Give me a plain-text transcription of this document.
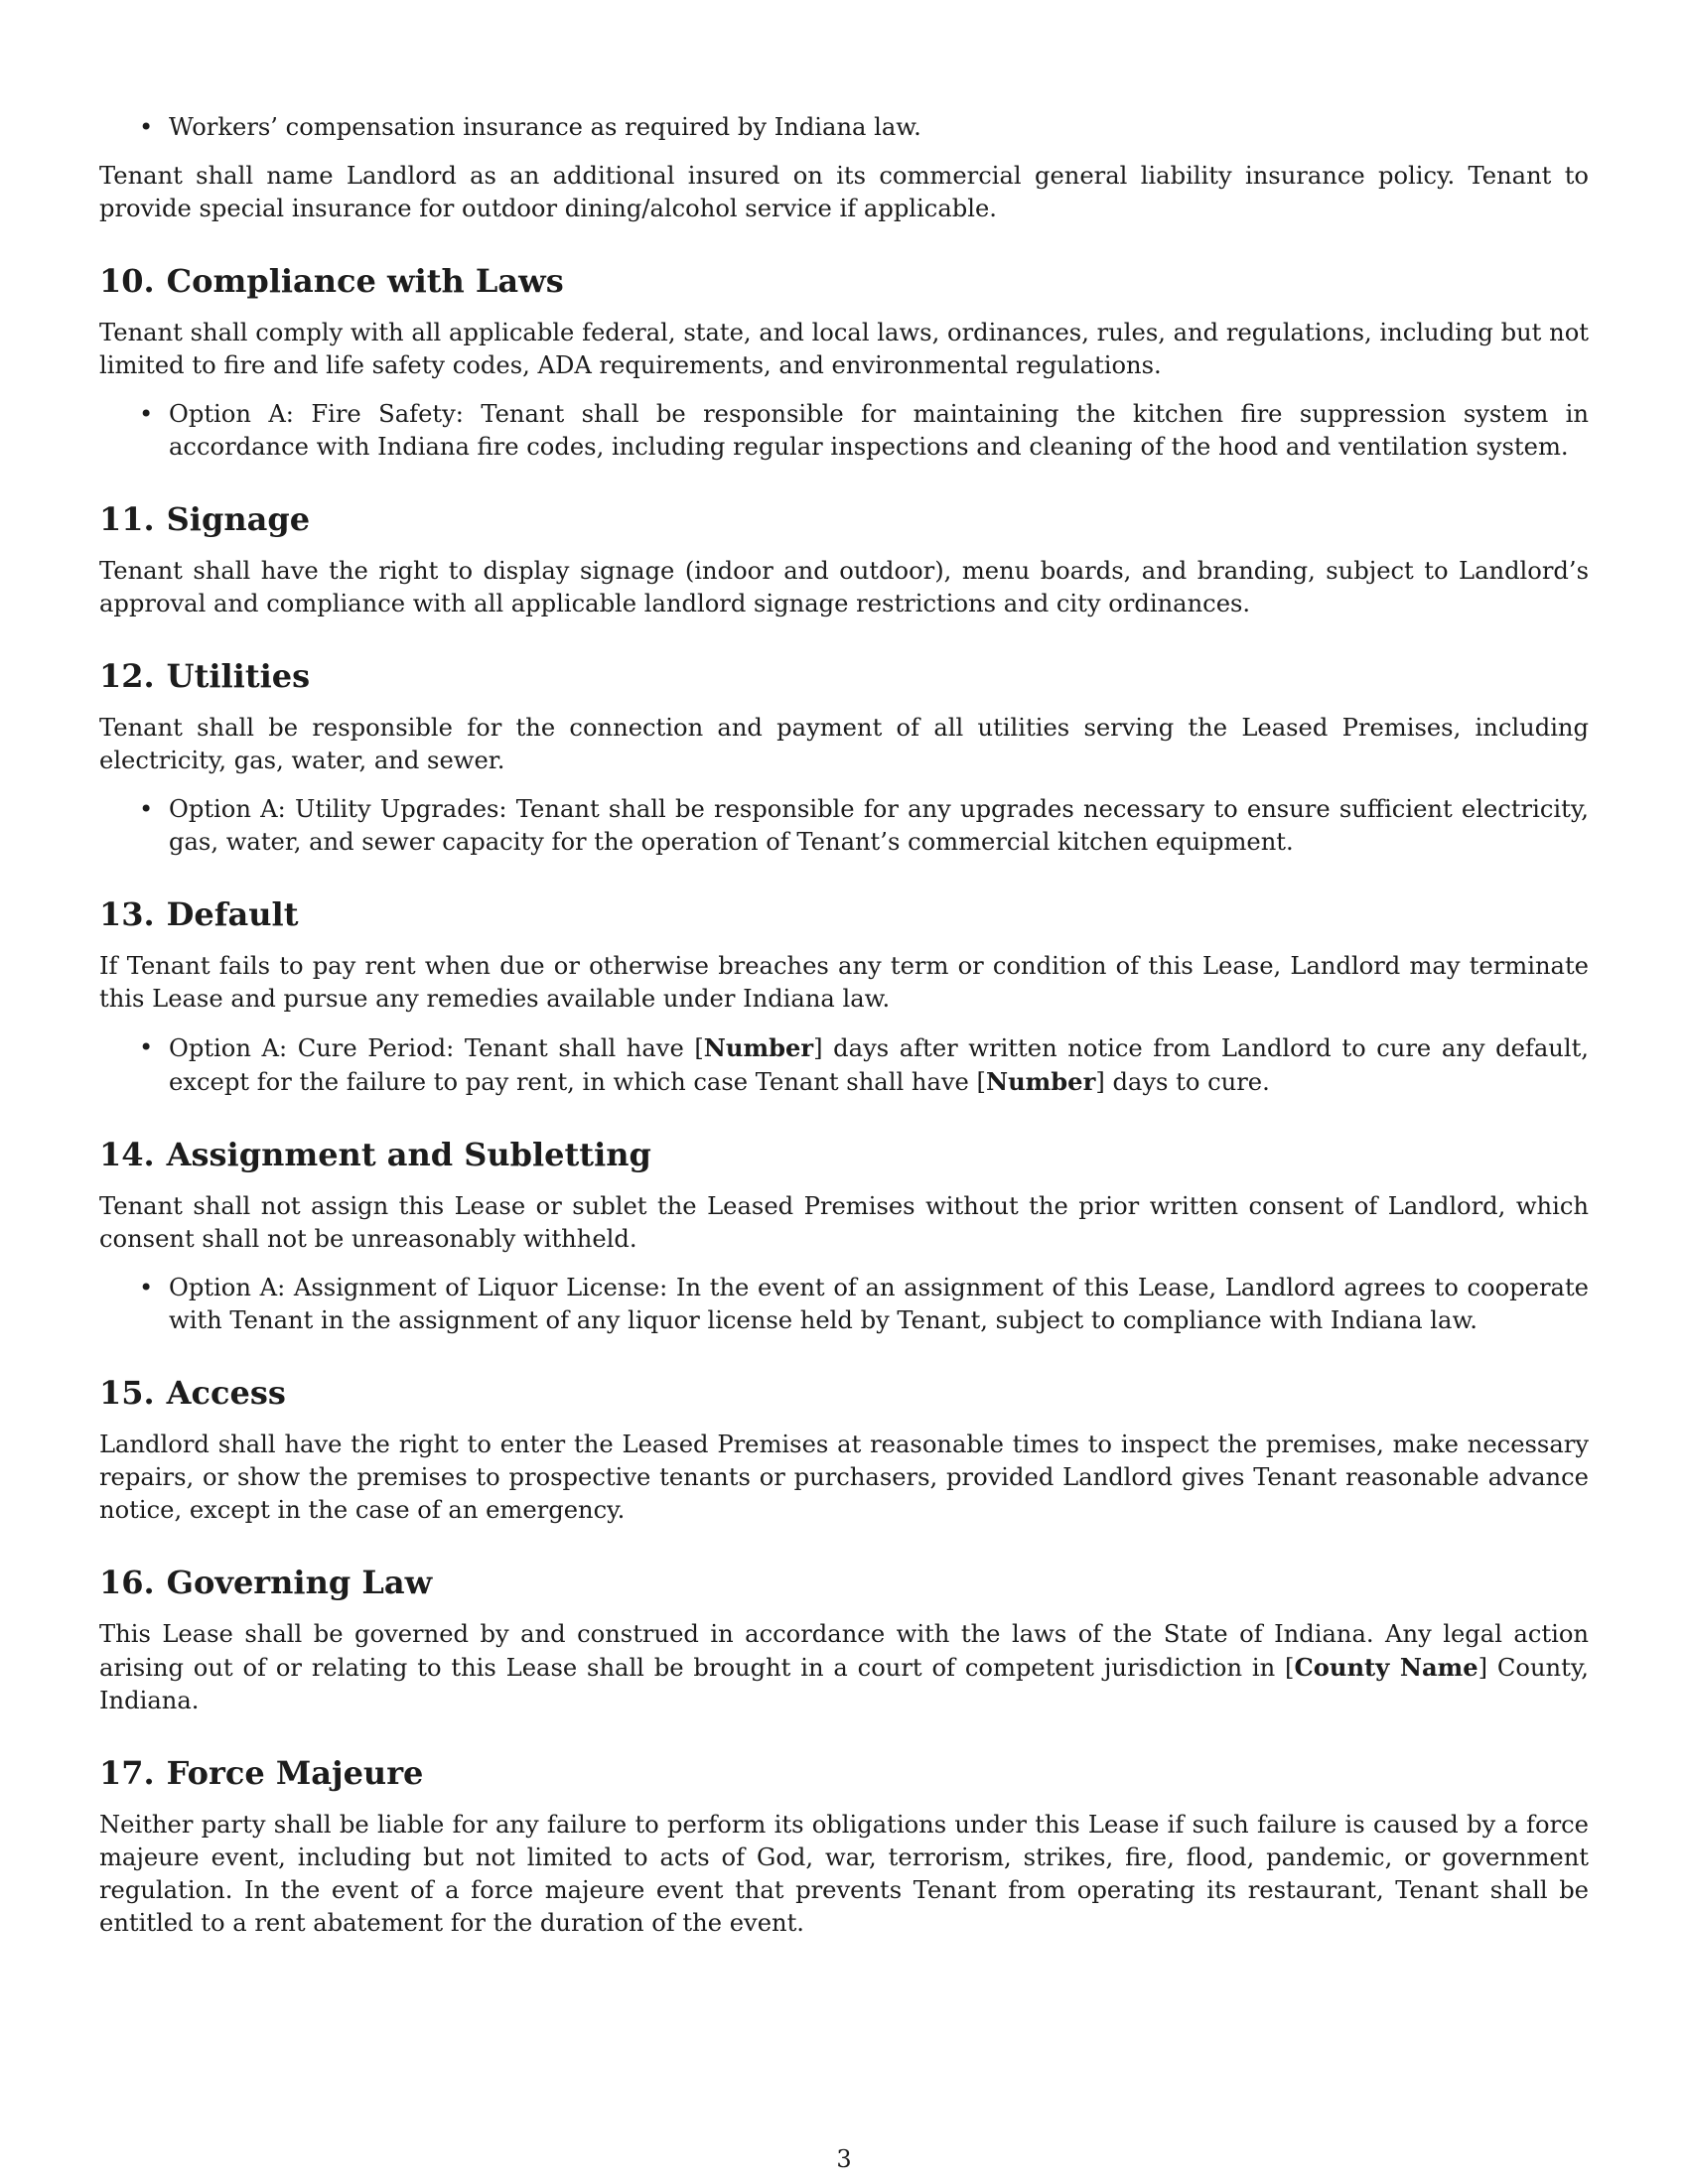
• Workers’ compensation insurance as required by Indiana law.

Tenant shall name Landlord as an additional insured on its commercial general liability insurance policy. Tenant to provide special insurance for outdoor dining/alcohol service if applicable.

10. Compliance with Laws

Tenant shall comply with all applicable federal, state, and local laws, ordinances, rules, and regulations, including but not limited to fire and life safety codes, ADA requirements, and environmental regulations.

• Option A: Fire Safety: Tenant shall be responsible for maintaining the kitchen fire suppression system in accordance with Indiana fire codes, including regular inspections and cleaning of the hood and ventilation system.
11. Signage

Tenant shall have the right to display signage (indoor and outdoor), menu boards, and branding, subject to Landlord’s approval and compliance with all applicable landlord signage restrictions and city ordinances.

12. Utilities

Tenant shall be responsible for the connection and payment of all utilities serving the Leased Premises, including electricity, gas, water, and sewer.

• Option A: Utility Upgrades: Tenant shall be responsible for any upgrades necessary to ensure sufficient electricity, gas, water, and sewer capacity for the operation of Tenant’s commercial kitchen equipment.
13. Default

If Tenant fails to pay rent when due or otherwise breaches any term or condition of this Lease, Landlord may terminate this Lease and pursue any remedies available under Indiana law.

• Option A: Cure Period: Tenant shall have [Number] days after written notice from Landlord to cure any default, except for the failure to pay rent, in which case Tenant shall have [Number] days to cure.
14. Assignment and Subletting

Tenant shall not assign this Lease or sublet the Leased Premises without the prior written consent of Landlord, which consent shall not be unreasonably withheld.

• Option A: Assignment of Liquor License: In the event of an assignment of this Lease, Landlord agrees to cooperate with Tenant in the assignment of any liquor license held by Tenant, subject to compliance with Indiana law.
15. Access

Landlord shall have the right to enter the Leased Premises at reasonable times to inspect the premises, make necessary repairs, or show the premises to prospective tenants or purchasers, provided Landlord gives Tenant reasonable advance notice, except in the case of an emergency.

16. Governing Law

This Lease shall be governed by and construed in accordance with the laws of the State of Indiana. Any legal action arising out of or relating to this Lease shall be brought in a court of competent jurisdiction in [County Name] County, Indiana.

17. Force Majeure

Neither party shall be liable for any failure to perform its obligations under this Lease if such failure is caused by a force majeure event, including but not limited to acts of God, war, terrorism, strikes, fire, flood, pandemic, or government regulation. In the event of a force majeure event that prevents Tenant from operating its restaurant, Tenant shall be entitled to a rent abatement for the duration of the event.

3
